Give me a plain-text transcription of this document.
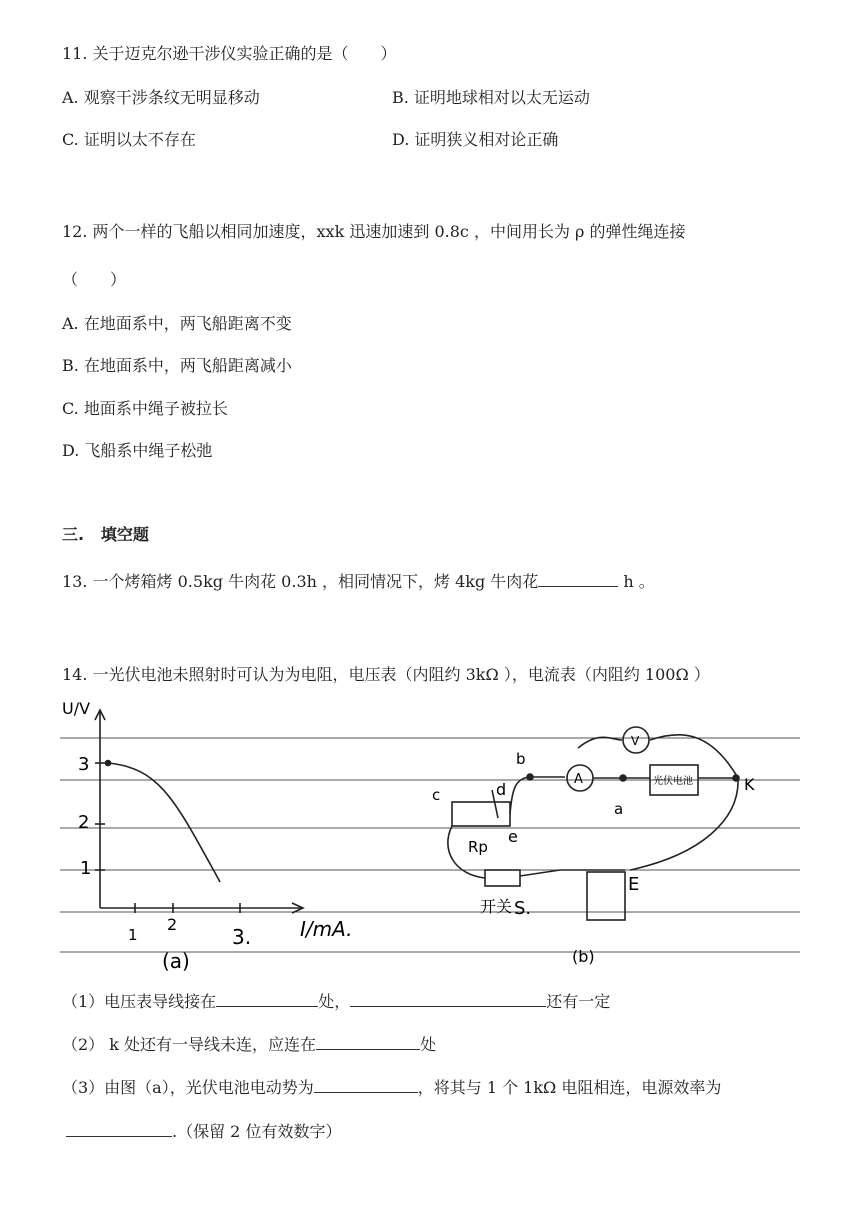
11. 关于迈克尔逊干涉仪实验正确的是（　　）
A. 观察干涉条纹无明显移动	B. 证明地球相对以太无运动
C. 证明以太不存在	D. 证明狭义相对论正确
12. 两个一样的飞船以相同加速度，xxk 迅速加速到 0.8c ，中间用长为 ρ 的弹性绳连接
（　　）
A. 在地面系中，两飞船距离不变
B. 在地面系中，两飞船距离减小
C. 地面系中绳子被拉长
D. 飞船系中绳子松弛
三. 填空题
13. 一个烤箱烤 0.5kg 牛肉花 0.3h ，相同情况下，烤 4kg 牛肉花	h 。
14. 一光伏电池未照射时可认为为电阻，电压表（内阻约 3kΩ ），电流表（内阻约 100Ω ）
U/V
3
2
1
1
2
3. I/mA.
(a)
c
b
d
e
a
K
Rp
开关 S.
E
A
V
光伏电池
(b)
（1）电压表导线接在	处，	还有一定
（2） k 处还有一导线未连，应连在	处
（3）由图（a），光伏电池电动势为	，将其与 1 个 1kΩ 电阻相连，电源效率为
.（保留 2 位有效数字）
